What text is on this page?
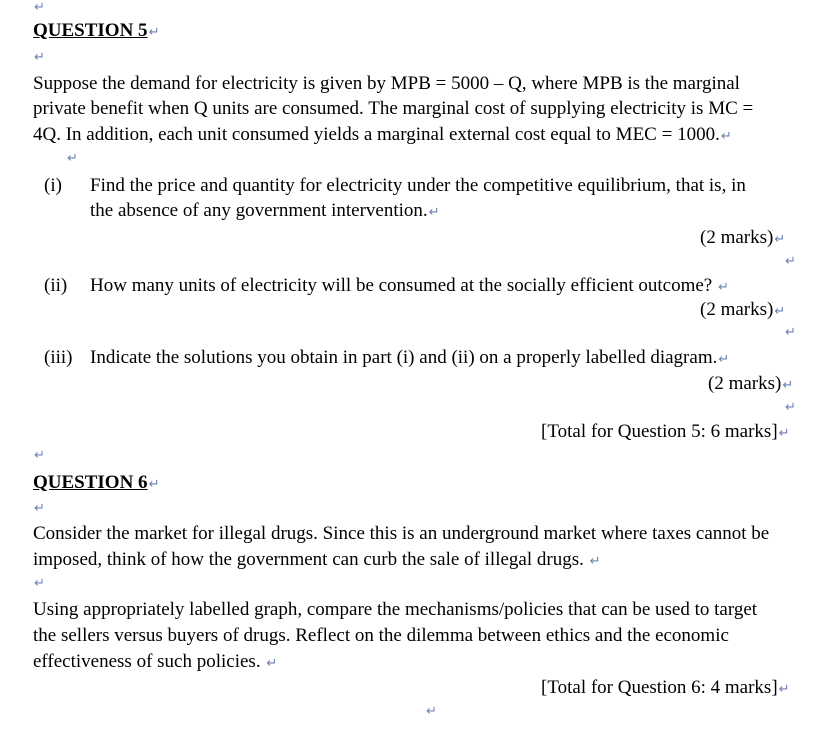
↵
QUESTION 5↵
↵
Suppose the demand for electricity is given by MPB = 5000 – Q, where MPB is the marginal
private benefit when Q units are consumed. The marginal cost of supplying electricity is MC =
4Q. In addition, each unit consumed yields a marginal external cost equal to MEC = 1000.↵
↵
(i) Find the price and quantity for electricity under the competitive equilibrium, that is, in
the absence of any government intervention.↵
(2 marks)↵
↵
(ii) How many units of electricity will be consumed at the socially efficient outcome? ↵
(2 marks)↵
↵
(iii) Indicate the solutions you obtain in part (i) and (ii) on a properly labelled diagram.↵
(2 marks)↵
↵
[Total for Question 5: 6 marks]↵
↵
QUESTION 6↵
↵
Consider the market for illegal drugs. Since this is an underground market where taxes cannot be
imposed, think of how the government can curb the sale of illegal drugs. ↵
↵
Using appropriately labelled graph, compare the mechanisms/policies that can be used to target
the sellers versus buyers of drugs. Reflect on the dilemma between ethics and the economic
effectiveness of such policies. ↵
[Total for Question 6: 4 marks]↵
↵
